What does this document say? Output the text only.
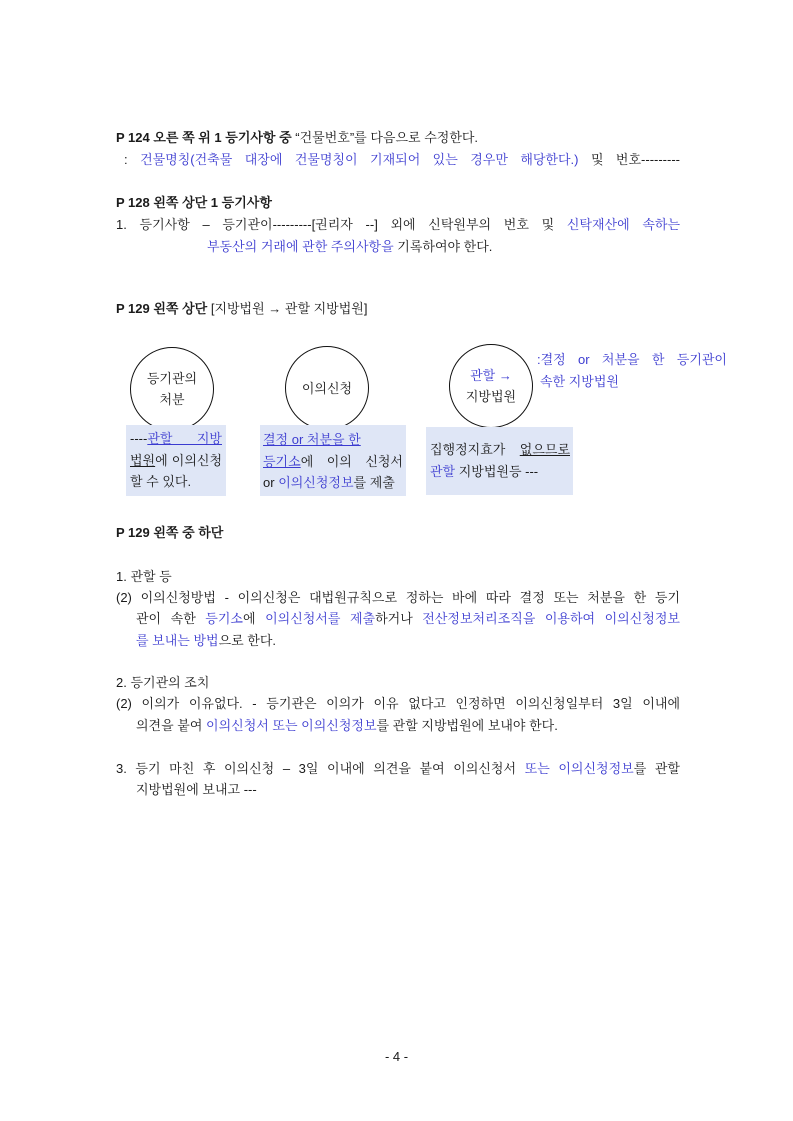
P 124 오른 쪽 위 1 등기사항 중 “건물번호”를 다음으로 수정한다.
: 건물명칭(건축물 대장에 건물명칭이 기재되어 있는 경우만 해당한다.) 및 번호---------
P 128 왼쪽 상단 1 등기사항
1. 등기사항 – 등기관이---------[권리자 --] 외에 신탁원부의 번호 및 신탁재산에 속하는
부동산의 거래에 관한 주의사항을 기록하여야 한다.
P 129 왼쪽 상단 [지방법원 → 관할 지방법원]
등기관의
처분
이의신청
관할 →
지방법원
:결정 or 처분을 한 등기관이
속한 지방법원
----관할 지방
법원에 이의신청
할 수 있다.
결정 or 처분을 한
등기소에 이의 신청서
or 이의신청정보를 제출
집행정지효가 없으므로
관할 지방법원등 ---
P 129 왼쪽 중 하단
1. 관할 등
(2) 이의신청방법 - 이의신청은 대법원규칙으로 정하는 바에 따라 결정 또는 처분을 한 등기
관이 속한 등기소에 이의신청서를 제출하거나 전산정보처리조직을 이용하여 이의신청정보
를 보내는 방법으로 한다.
2. 등기관의 조치
(2) 이의가 이유없다. - 등기관은 이의가 이유 없다고 인정하면 이의신청일부터 3일 이내에
의견을 붙여 이의신청서 또는 이의신청정보를 관할 지방법원에 보내야 한다.
3. 등기 마친 후 이의신청 – 3일 이내에 의견을 붙여 이의신청서 또는 이의신청정보를 관할
지방법원에 보내고 ---
- 4 -
